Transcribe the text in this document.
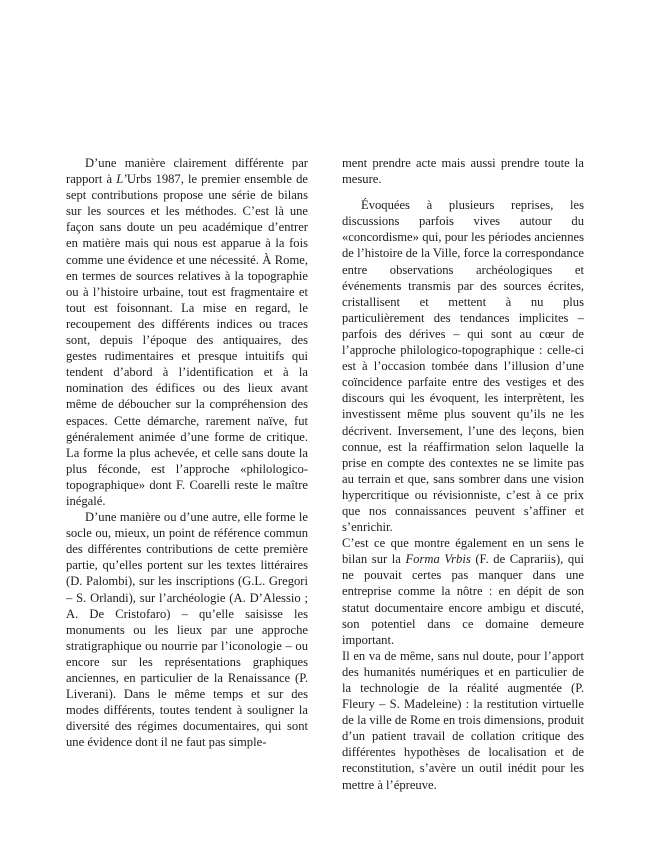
D’une manière clairement différente par rapport à L’Urbs 1987, le premier ensemble de sept contributions propose une série de bilans sur les sources et les méthodes. C’est là une façon sans doute un peu académique d’entrer en matière mais qui nous est apparue à la fois comme une évidence et une nécessité. À Rome, en termes de sources relatives à la topographie ou à l’histoire urbaine, tout est fragmentaire et tout est foisonnant. La mise en regard, le recoupement des différents indices ou traces sont, depuis l’époque des antiquaires, des gestes rudimentaires et presque intuitifs qui tendent d’abord à l’identification et à la nomination des édifices ou des lieux avant même de déboucher sur la compréhension des espaces. Cette démarche, rarement naïve, fut généralement animée d’une forme de critique. La forme la plus achevée, et celle sans doute la plus féconde, est l’approche «philologico-topographique» dont F. Coarelli reste le maître inégalé.

D’une manière ou d’une autre, elle forme le socle ou, mieux, un point de référence commun des différentes contributions de cette première partie, qu’elles portent sur les textes littéraires (D. Palombi), sur les inscriptions (G.L. Gregori – S. Orlandi), sur l’archéologie (A. D’Alessio ; A. De Cristofaro) – qu’elle saisisse les monuments ou les lieux par une approche stratigraphique ou nourrie par l’iconologie – ou encore sur les représentations graphiques anciennes, en particulier de la Renaissance (P. Liverani). Dans le même temps et sur des modes différents, toutes tendent à souligner la diversité des régimes documentaires, qui sont une évidence dont il ne faut pas simple-

ment prendre acte mais aussi prendre toute la mesure.

Évoquées à plusieurs reprises, les discussions parfois vives autour du «concordisme» qui, pour les périodes anciennes de l’histoire de la Ville, force la correspondance entre observations archéologiques et événements transmis par des sources écrites, cristallisent et mettent à nu plus particulièrement des tendances implicites – parfois des dérives – qui sont au cœur de l’approche philologico-topographique : celle-ci est à l’occasion tombée dans l’illusion d’une coïncidence parfaite entre des vestiges et des discours qui les évoquent, les interprètent, les investissent même plus souvent qu’ils ne les décrivent. Inversement, l’une des leçons, bien connue, est la réaffirmation selon laquelle la prise en compte des contextes ne se limite pas au terrain et que, sans sombrer dans une vision hypercritique ou révisionniste, c’est à ce prix que nos connaissances peuvent s’affiner et s’enrichir.

C’est ce que montre également en un sens le bilan sur la Forma Vrbis (F. de Caprariis), qui ne pouvait certes pas manquer dans une entreprise comme la nôtre : en dépit de son statut documentaire encore ambigu et discuté, son potentiel dans ce domaine demeure important.

Il en va de même, sans nul doute, pour l’apport des humanités numériques et en particulier de la technologie de la réalité augmentée (P. Fleury – S. Madeleine) : la restitution virtuelle de la ville de Rome en trois dimensions, produit d’un patient travail de collation critique des différentes hypothèses de localisation et de reconstitution, s’avère un outil inédit pour les mettre à l’épreuve.
